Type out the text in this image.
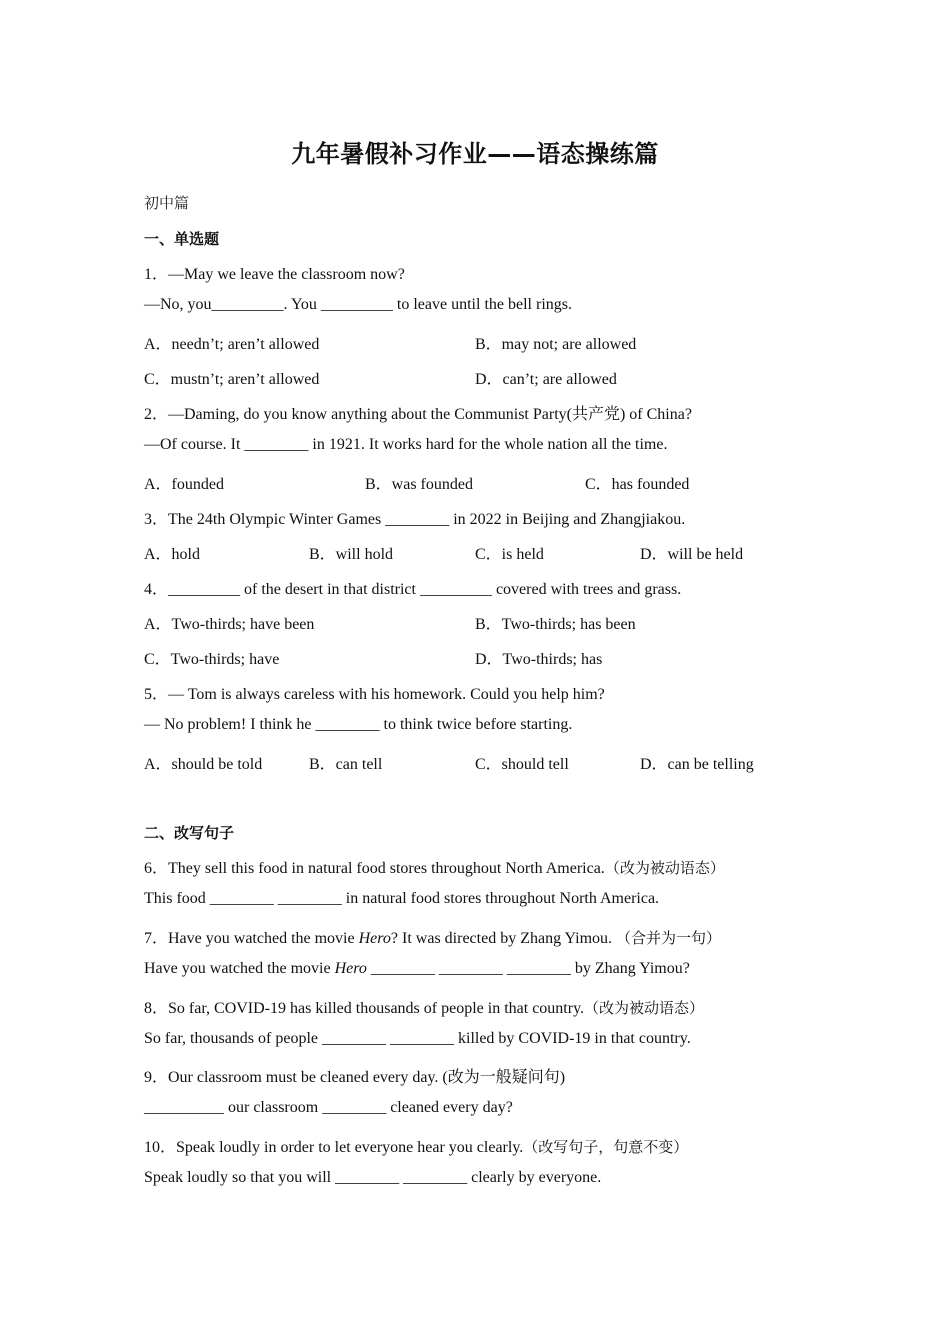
九年暑假补习作业——语态操练篇
初中篇
一、单选题
1．—May we leave the classroom now?
—No, you_________. You _________ to leave until the bell rings.
A．needn’t; aren’t allowed	B．may not; are allowed
C．mustn’t; aren’t allowed	D．can’t; are allowed
2．—Daming, do you know anything about the Communist Party(共产党) of China?
—Of course. It ________ in 1921. It works hard for the whole nation all the time.
A．founded	B．was founded	C．has founded
3．The 24th Olympic Winter Games ________ in 2022 in Beijing and Zhangjiakou.
A．hold	B．will hold	C．is held	D．will be held
4．_________ of the desert in that district _________ covered with trees and grass.
A．Two-thirds; have been	B．Two-thirds; has been
C．Two-thirds; have	D．Two-thirds; has
5．— Tom is always careless with his homework. Could you help him?
— No problem! I think he ________ to think twice before starting.
A．should be told	B．can tell	C．should tell	D．can be telling
二、改写句子
6．They sell this food in natural food stores throughout North America.（改为被动语态）
This food ________ ________ in natural food stores throughout North America.
7．Have you watched the movie Hero? It was directed by Zhang Yimou. （合并为一句）
Have you watched the movie Hero ________ ________ ________ by Zhang Yimou?
8．So far, COVID-19 has killed thousands of people in that country.（改为被动语态）
So far, thousands of people ________ ________ killed by COVID-19 in that country.
9．Our classroom must be cleaned every day. (改为一般疑问句)
__________ our classroom ________ cleaned every day?
10．Speak loudly in order to let everyone hear you clearly.（改写句子，句意不变）
Speak loudly so that you will ________ ________ clearly by everyone.
